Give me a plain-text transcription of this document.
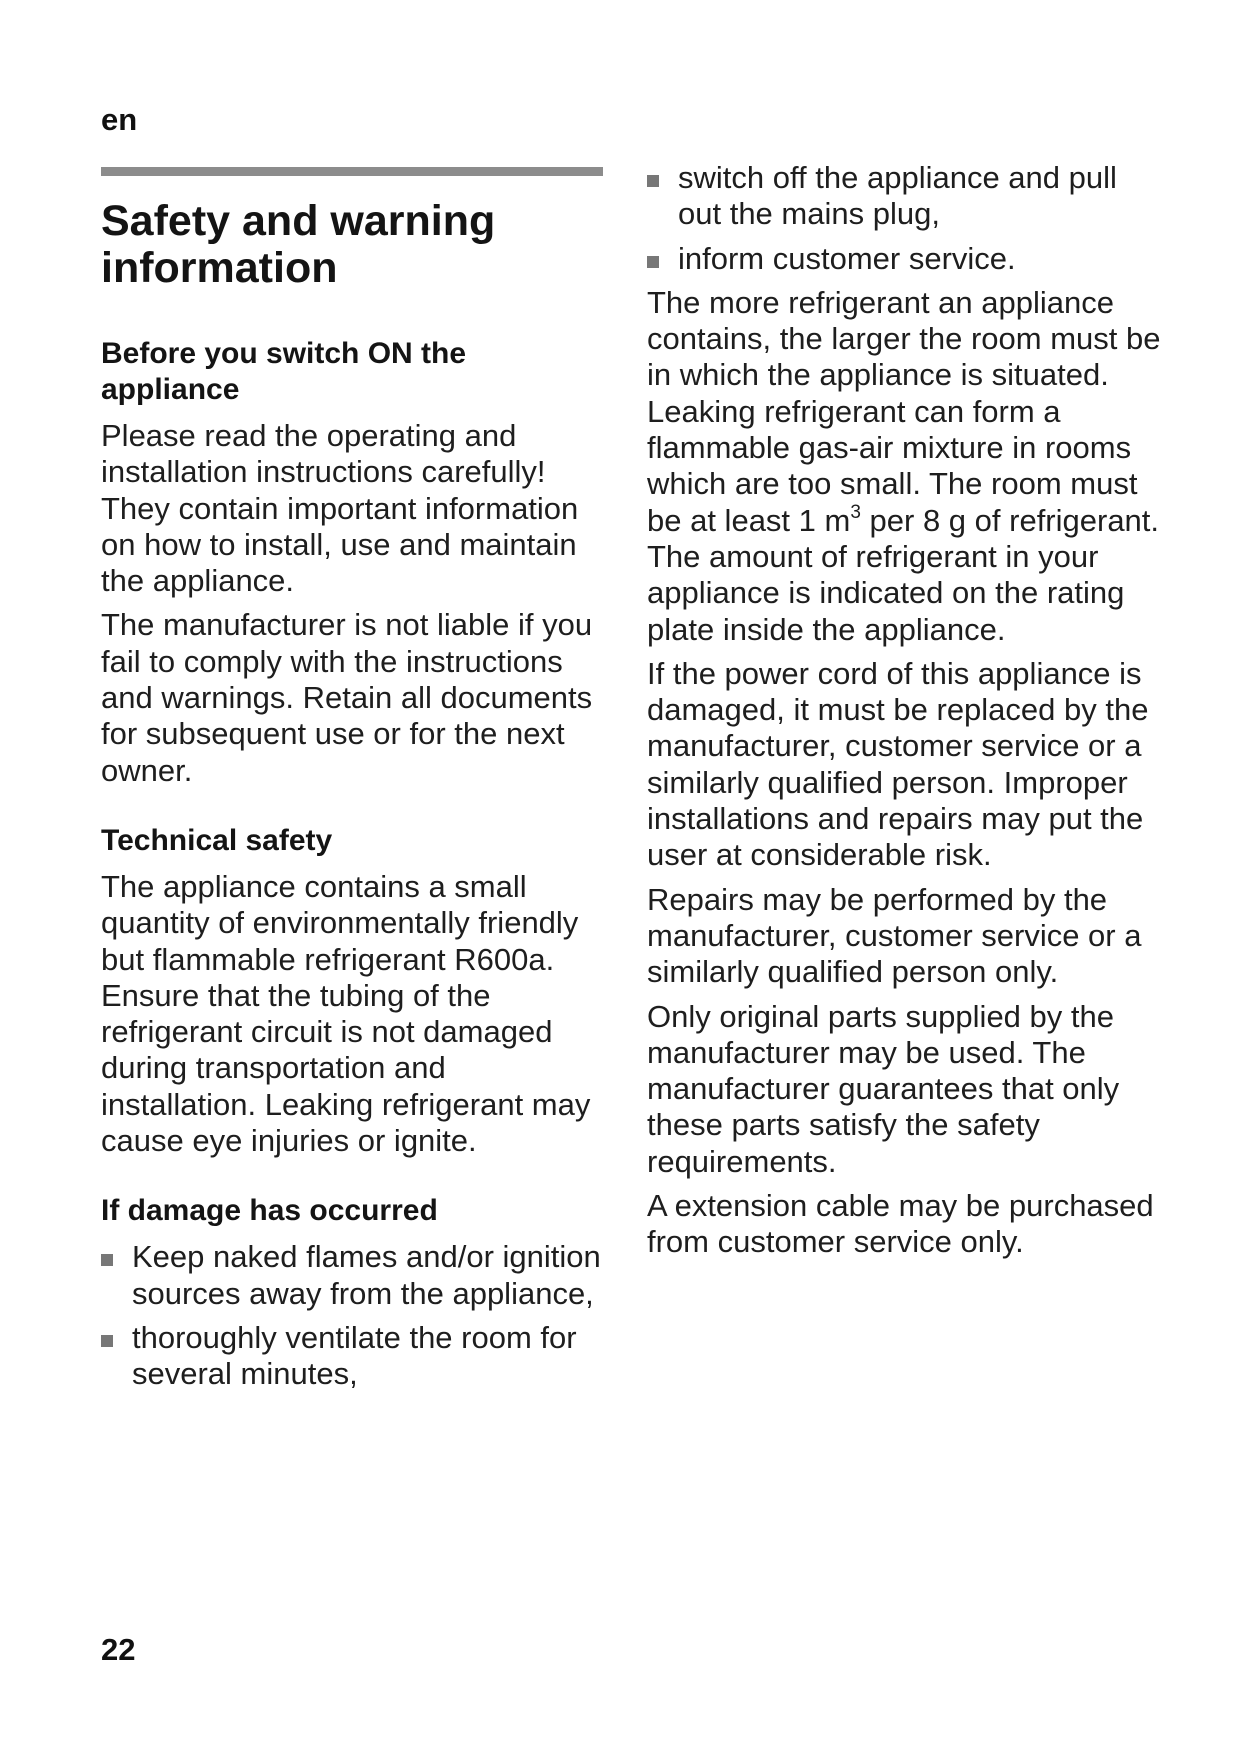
en
Safety and warning information
Before you switch ON the appliance

Please read the operating and installation instructions carefully! They contain important information on how to install, use and maintain the appliance.

The manufacturer is not liable if you fail to comply with the instructions and warnings. Retain all documents for subsequent use or for the next owner.

Technical safety

The appliance contains a small quantity of environmentally friendly but flammable refrigerant R600a. Ensure that the tubing of the refrigerant circuit is not damaged during transportation and installation. Leaking refrigerant may cause eye injuries or ignite.

If damage has occurred
Keep naked flames and/or ignition sources away from the appliance,
thoroughly ventilate the room for several minutes,
switch off the appliance and pull out the mains plug,
inform customer service.

The more refrigerant an appliance contains, the larger the room must be in which the appliance is situated. Leaking refrigerant can form a flammable gas-air mixture in rooms which are too small. The room must be at least 1 $m^3$ per 8 g of refrigerant. The amount of refrigerant in your appliance is indicated on the rating plate inside the appliance.

If the power cord of this appliance is damaged, it must be replaced by the manufacturer, customer service or a similarly qualified person. Improper installations and repairs may put the user at considerable risk.

Repairs may be performed by the manufacturer, customer service or a similarly qualified person only.

Only original parts supplied by the manufacturer may be used. The manufacturer guarantees that only these parts satisfy the safety requirements.

A extension cable may be purchased from customer service only.

22
